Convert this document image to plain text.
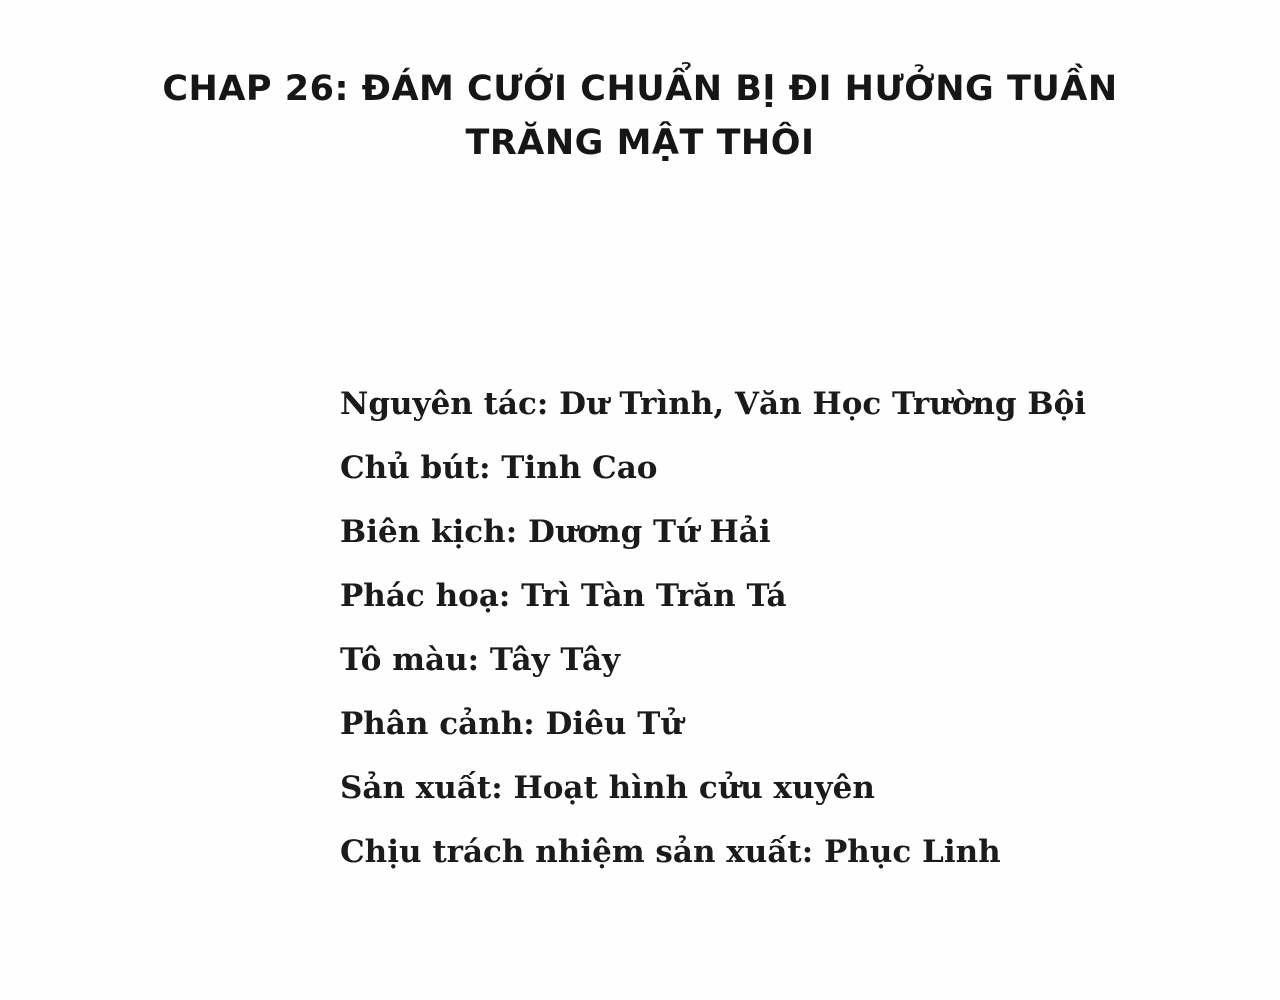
CHAP 26: ĐÁM CƯỚI CHUẨN BỊ ĐI HƯỞNG TUẦN
TRĂNG MẬT THÔI
Nguyên tác: Dư Trình, Văn Học Trường Bội
Chủ bút: Tinh Cao
Biên kịch: Dương Tứ Hải
Phác hoạ: Trì Tàn Trăn Tá
Tô màu: Tây Tây
Phân cảnh: Diêu Tử
Sản xuất: Hoạt hình cửu xuyên
Chịu trách nhiệm sản xuất: Phục Linh
